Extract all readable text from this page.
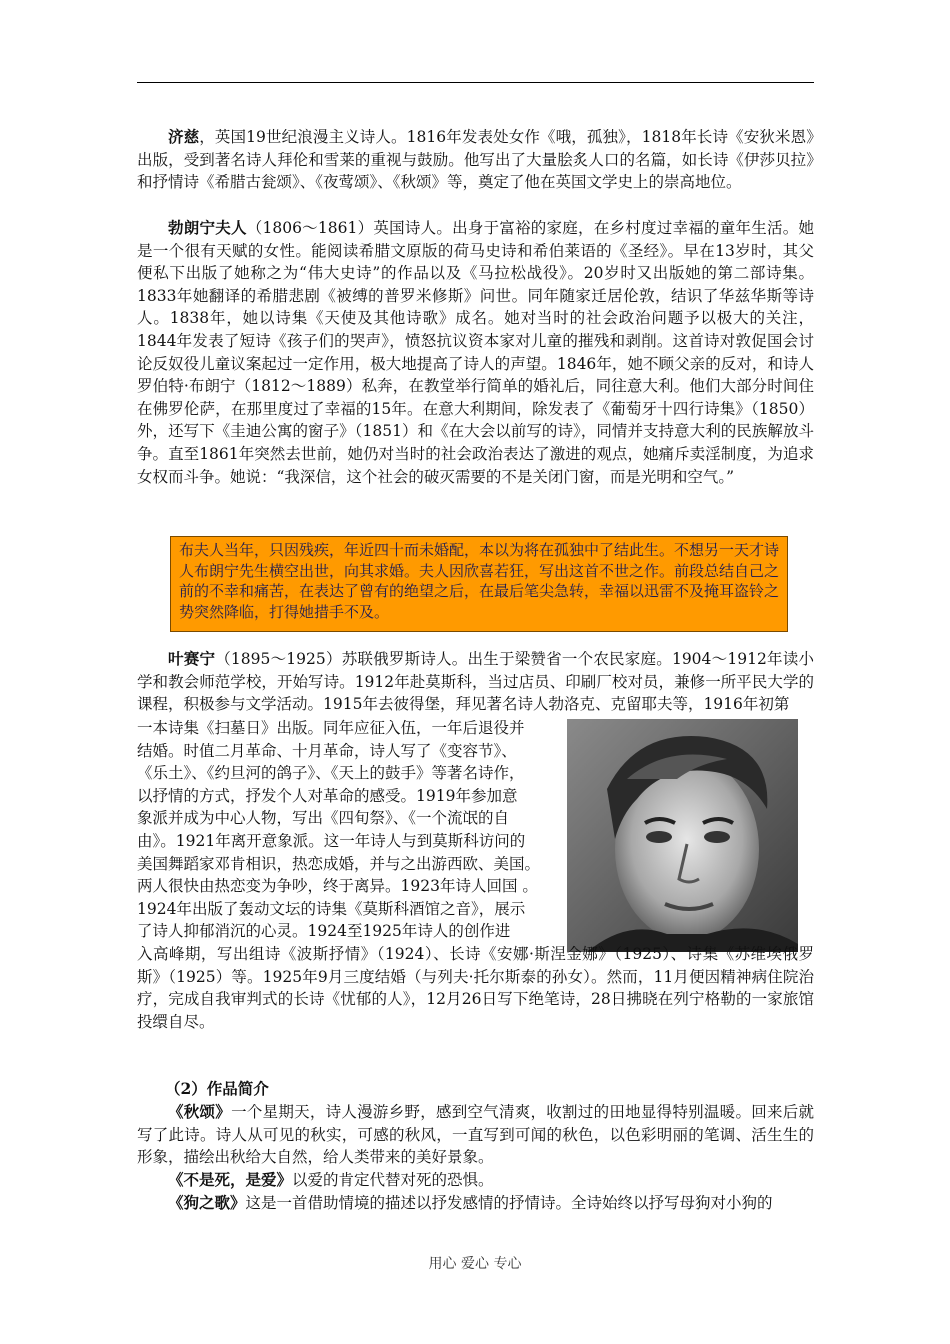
济慈，英国19世纪浪漫主义诗人。1816年发表处女作《哦，孤独》，1818年长诗《安狄米恩》出版，受到著名诗人拜伦和雪莱的重视与鼓励。他写出了大量脍炙人口的名篇，如长诗《伊莎贝拉》和抒情诗《希腊古瓮颂》、《夜莺颂》、《秋颂》等，奠定了他在英国文学史上的崇高地位。

勃朗宁夫人（1806～1861）英国诗人。出身于富裕的家庭，在乡村度过幸福的童年生活。她是一个很有天赋的女性。能阅读希腊文原版的荷马史诗和希伯莱语的《圣经》。早在13岁时，其父便私下出版了她称之为“伟大史诗”的作品以及《马拉松战役》。20岁时又出版她的第二部诗集。1833年她翻译的希腊悲剧《被缚的普罗米修斯》问世。同年随家迁居伦敦，结识了华兹华斯等诗人。1838年，她以诗集《天使及其他诗歌》成名。她对当时的社会政治问题予以极大的关注，1844年发表了短诗《孩子们的哭声》，愤怒抗议资本家对儿童的摧残和剥削。这首诗对敦促国会讨论反奴役儿童议案起过一定作用，极大地提高了诗人的声望。1846年，她不顾父亲的反对，和诗人罗伯特·布朗宁（1812～1889）私奔，在教堂举行简单的婚礼后，同往意大利。他们大部分时间住在佛罗伦萨，在那里度过了幸福的15年。在意大利期间，除发表了《葡萄牙十四行诗集》（1850）外，还写下《圭迪公寓的窗子》（1851）和《在大会以前写的诗》，同情并支持意大利的民族解放斗争。直至1861年突然去世前，她仍对当时的社会政治表达了激进的观点，她痛斥卖淫制度，为追求女权而斗争。她说：“我深信，这个社会的破灭需要的不是关闭门窗，而是光明和空气。”

布夫人当年，只因残疾，年近四十而未婚配，本以为将在孤独中了结此生。不想另一天才诗人布朗宁先生横空出世，向其求婚。夫人因欣喜若狂，写出这首不世之作。前段总结自己之前的不幸和痛苦，在表达了曾有的绝望之后，在最后笔尖急转，幸福以迅雷不及掩耳盗铃之势突然降临，打得她措手不及。

叶赛宁（1895～1925）苏联俄罗斯诗人。出生于梁赞省一个农民家庭。1904～1912年读小学和教会师范学校，开始写诗。1912年赴莫斯科，当过店员、印刷厂校对员，兼修一所平民大学的课程，积极参与文学活动。1915年去彼得堡，拜见著名诗人勃洛克、克留耶夫等，1916年初第

一本诗集《扫墓日》出版。同年应征入伍，一年后退役并
结婚。时值二月革命、十月革命，诗人写了《变容节》、
《乐土》、《约旦河的鸽子》、《天上的鼓手》等著名诗作，
以抒情的方式，抒发个人对革命的感受。1919年参加意
象派并成为中心人物，写出《四旬祭》、《一个流氓的自
由》。1921年离开意象派。这一年诗人与到莫斯科访问的
美国舞蹈家邓肯相识，热恋成婚，并与之出游西欧、美国。
两人很快由热恋变为争吵，终于离异。1923年诗人回国 。
1924年出版了轰动文坛的诗集《莫斯科酒馆之音》，展示
了诗人抑郁消沉的心灵。1924至1925年诗人的创作进

入高峰期，写出组诗《波斯抒情》（1924）、长诗《安娜·斯涅金娜》（1925）、诗集《苏维埃俄罗斯》（1925）等。1925年9月三度结婚（与列夫·托尔斯泰的孙女）。然而，11月便因精神病住院治疗，完成自我审判式的长诗《忧郁的人》，12月26日写下绝笔诗，28日拂晓在列宁格勒的一家旅馆投缳自尽。

（2）作品简介

《秋颂》一个星期天，诗人漫游乡野，感到空气清爽，收割过的田地显得特别温暖。回来后就写了此诗。诗人从可见的秋实，可感的秋风，一直写到可闻的秋色，以色彩明丽的笔调、活生生的形象，描绘出秋给大自然，给人类带来的美好景象。

《不是死，是爱》以爱的肯定代替对死的恐惧。

《狗之歌》这是一首借助情境的描述以抒发感情的抒情诗。全诗始终以抒写母狗对小狗的

用心 爱心 专心
